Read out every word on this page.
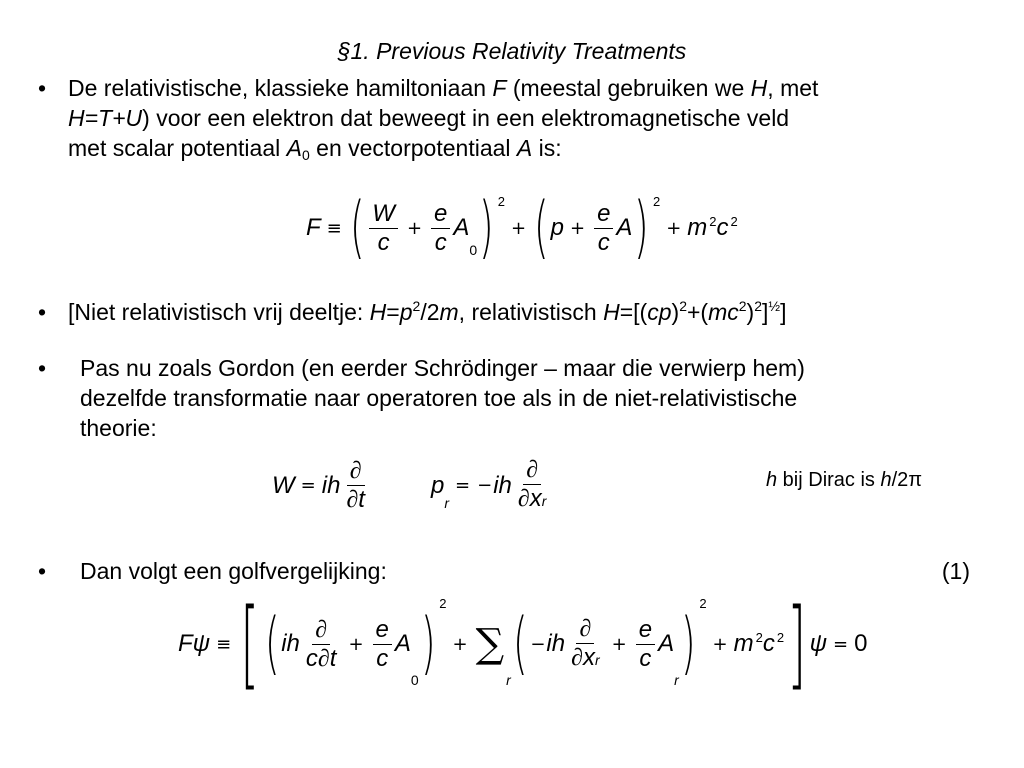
§1. Previous Relativity Treatments
• De relativistische, klassieke hamiltoniaan F (meestal gebruiken we H, met
H=T+U) voor een elektron dat beweegt in een elektromagnetische veld
met scalar potentiaal $A_0$ en vectorpotentiaal A is:
F ≡ ( $\frac{W}{c} + \frac{e}{c}$ A
0 ) 2
+ ( $p + \frac{e}{c}$ A ) 2
+ m 2 c 2
• [Niet relativistisch vrij deeltje: $H=p^2/2m$, relativistisch $H=[(cp)^2+(mc^2)^2]^{\frac{1}{2}}$]
• Pas nu zoals Gordon (en eerder Schrödinger – maar die verwierp hem)
dezelfde transformatie naar operatoren toe als in de niet-relativistische
theorie:
W = ih $\frac{\partial}{\partial t}$	p
r
= − ih $\frac{\partial}{\partial xr}$	h bij Dirac is h/2π
• Dan volgt een golfvergelijking:	(1)
F ψ ≡ [ ( ih $\frac{\partial}{c\partial t} + \frac{e}{c}$ A
0 )
2
+ ∑
r ( − ih $\frac{\partial}{\partial xr} + \frac{e}{c}$ A
r )
2
+ m 2 c 2 ] ψ = 0
